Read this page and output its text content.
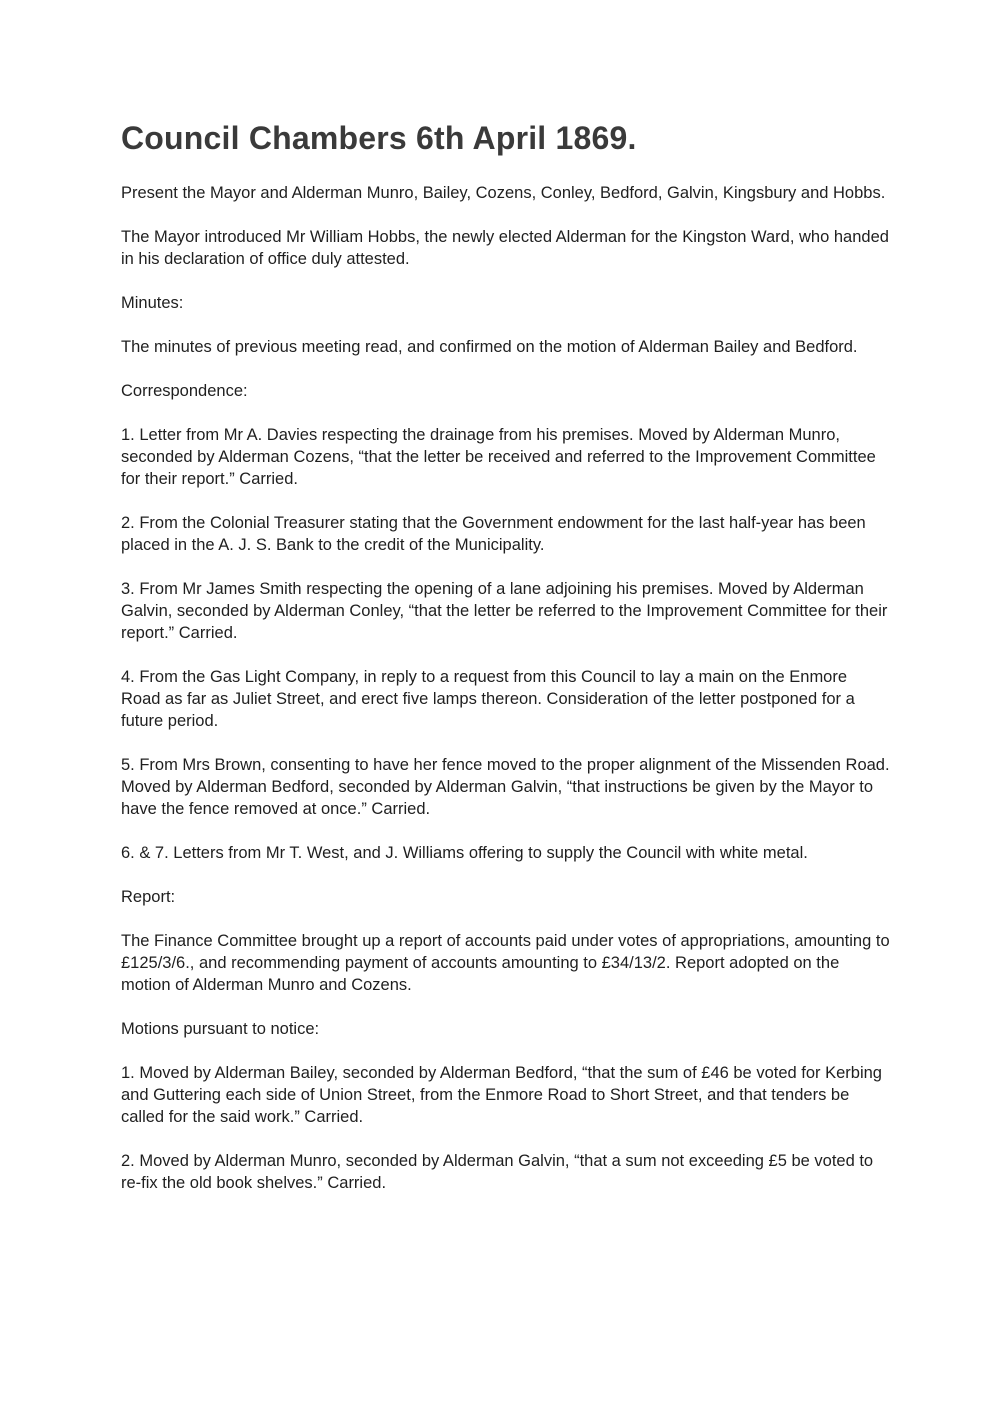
Council Chambers 6th April 1869.

Present the Mayor and Alderman Munro, Bailey, Cozens, Conley, Bedford, Galvin, Kingsbury and Hobbs.

The Mayor introduced Mr William Hobbs, the newly elected Alderman for the Kingston Ward, who handed in his declaration of office duly attested.

Minutes:

The minutes of previous meeting read, and confirmed on the motion of Alderman Bailey and Bedford.

Correspondence:

1. Letter from Mr A. Davies respecting the drainage from his premises. Moved by Alderman Munro, seconded by Alderman Cozens, “that the letter be received and referred to the Improvement Committee for their report.” Carried.

2. From the Colonial Treasurer stating that the Government endowment for the last half-year has been placed in the A. J. S. Bank to the credit of the Municipality.

3. From Mr James Smith respecting the opening of a lane adjoining his premises. Moved by Alderman Galvin, seconded by Alderman Conley, “that the letter be referred to the Improvement Committee for their report.” Carried.

4. From the Gas Light Company, in reply to a request from this Council to lay a main on the Enmore Road as far as Juliet Street, and erect five lamps thereon. Consideration of the letter postponed for a future period.

5. From Mrs Brown, consenting to have her fence moved to the proper alignment of the Missenden Road. Moved by Alderman Bedford, seconded by Alderman Galvin, “that instructions be given by the Mayor to have the fence removed at once.” Carried.

6. & 7. Letters from Mr T. West, and J. Williams offering to supply the Council with white metal.

Report:

The Finance Committee brought up a report of accounts paid under votes of appropriations, amounting to £125/3/6., and recommending payment of accounts amounting to £34/13/2. Report adopted on the motion of Alderman Munro and Cozens.

Motions pursuant to notice:

1. Moved by Alderman Bailey, seconded by Alderman Bedford, “that the sum of £46 be voted for Kerbing and Guttering each side of Union Street, from the Enmore Road to Short Street, and that tenders be called for the said work.” Carried.

2. Moved by Alderman Munro, seconded by Alderman Galvin, “that a sum not exceeding £5 be voted to re-fix the old book shelves.” Carried.
